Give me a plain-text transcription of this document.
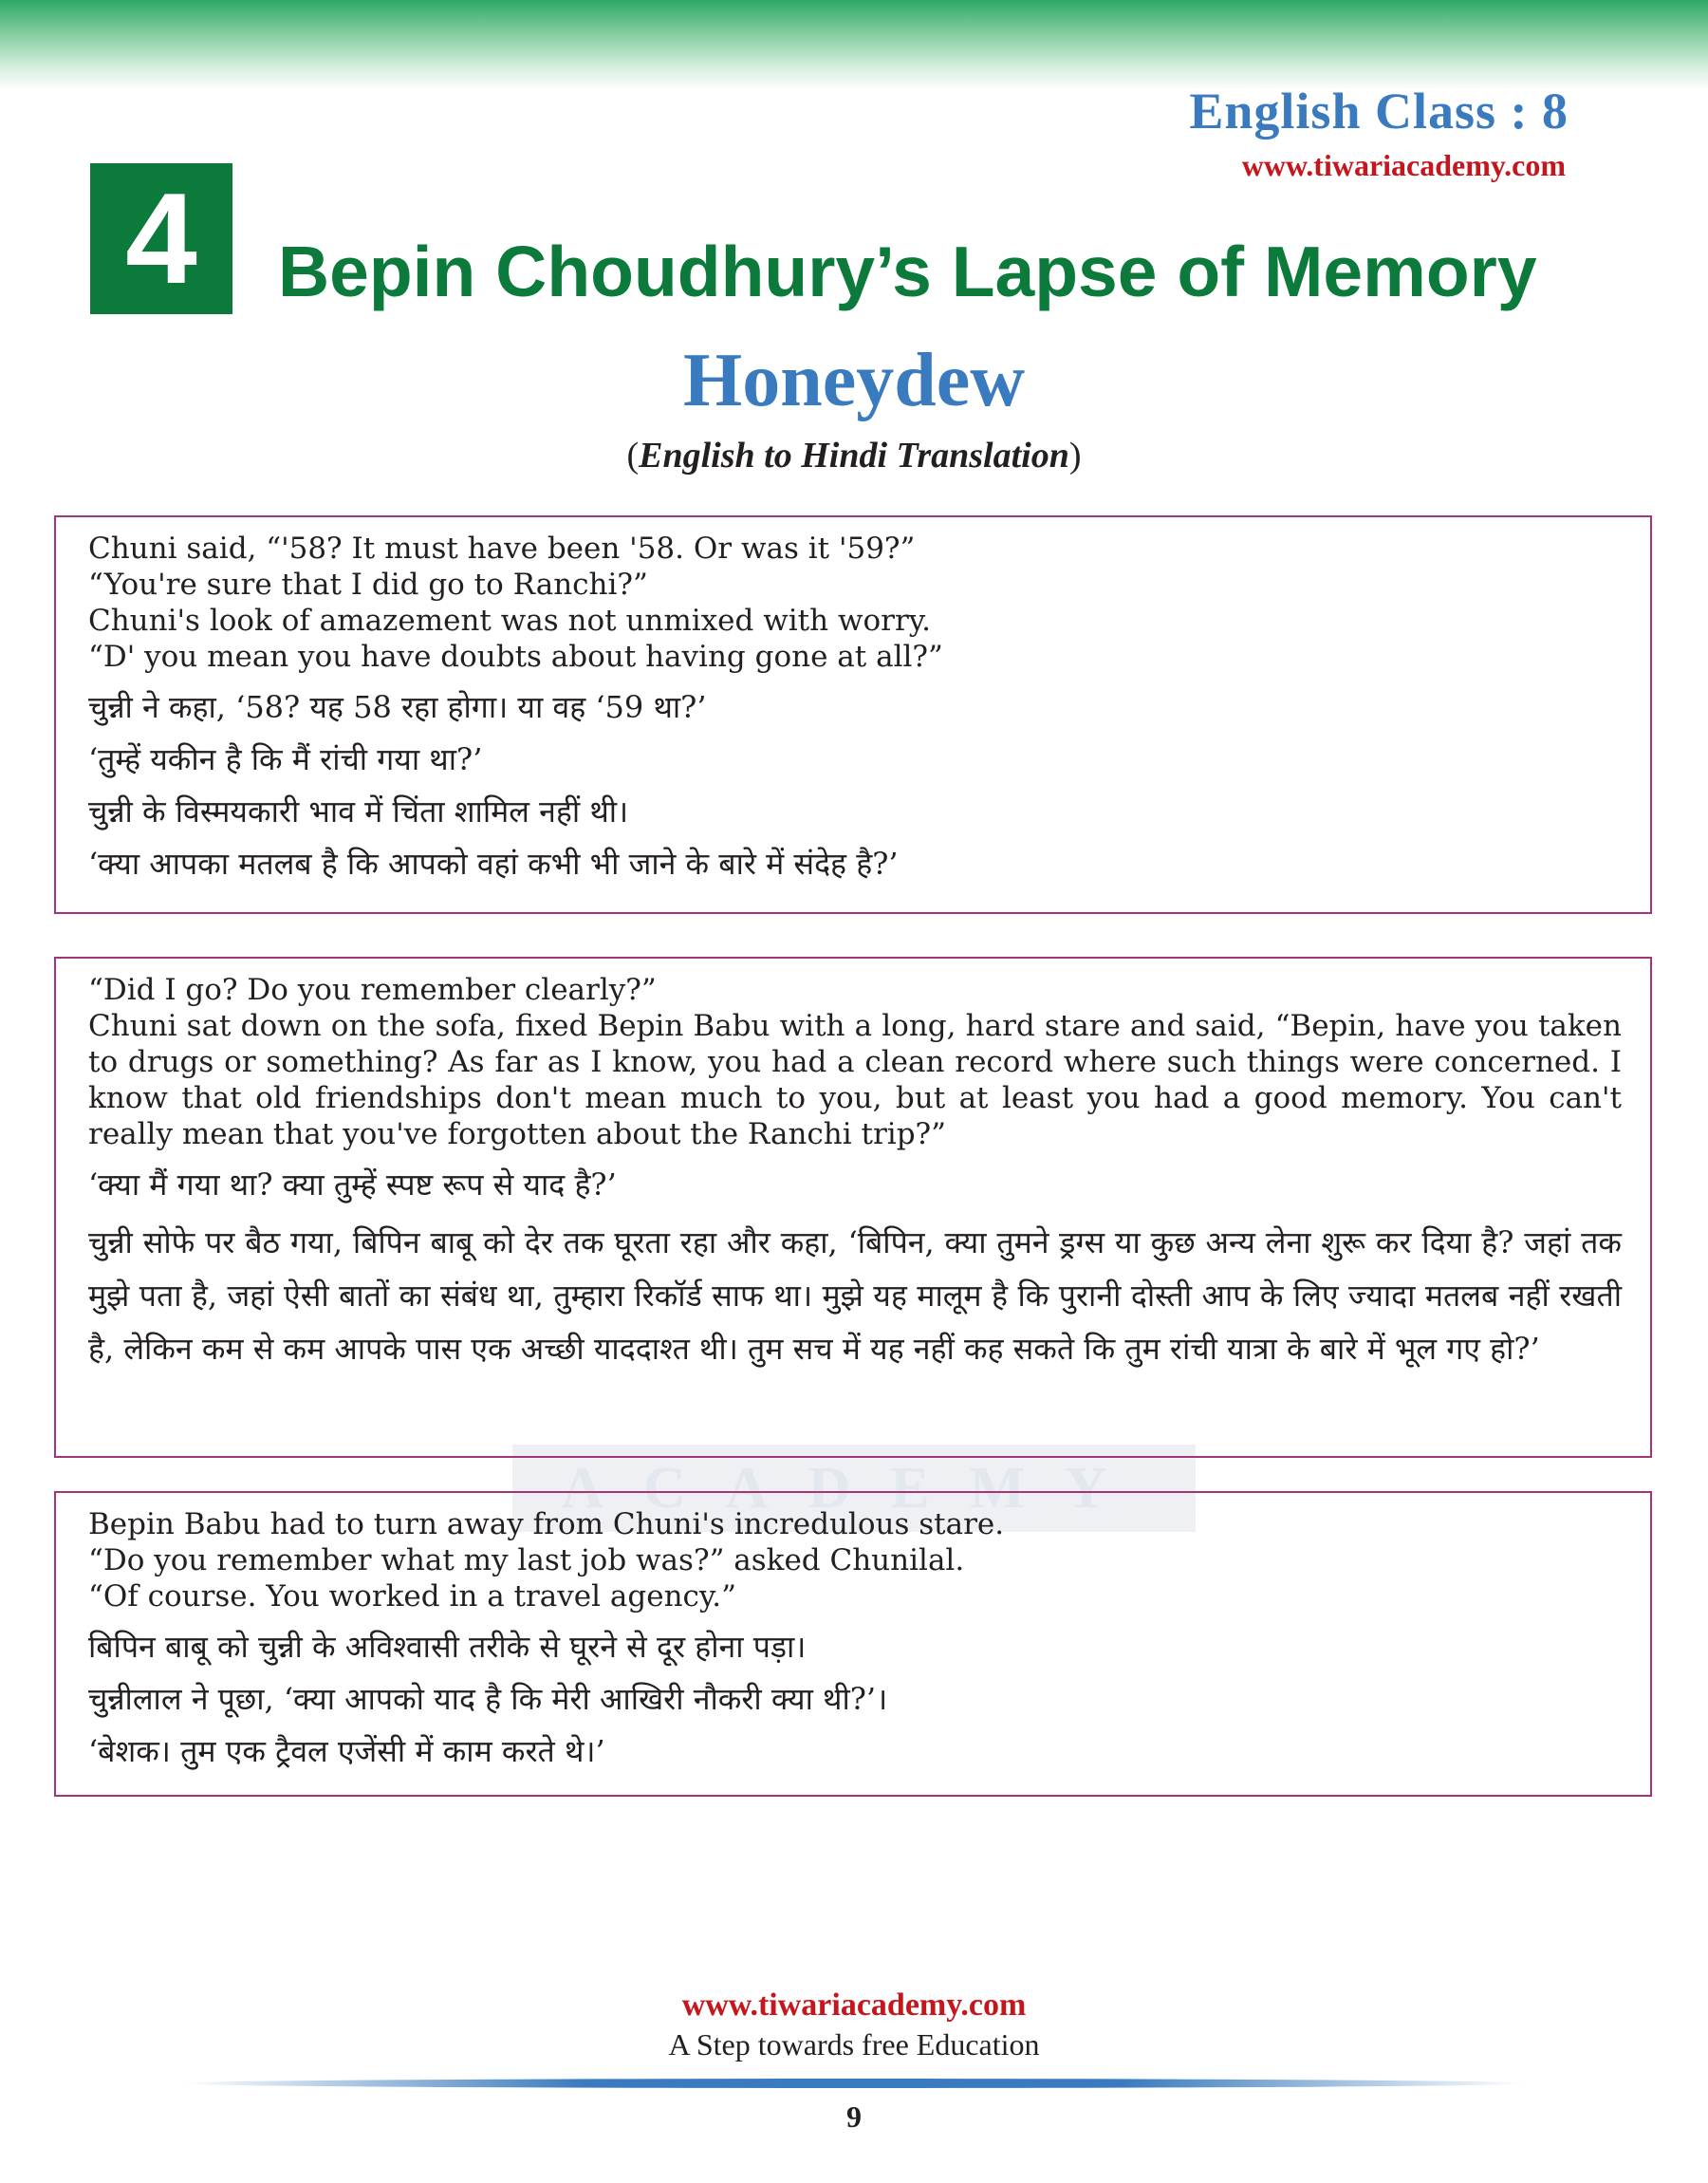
English Class : 8
www.tiwariacademy.com
4	Bepin Choudhury’s Lapse of Memory
Honeydew
(English to Hindi Translation)
ACADEMY

Chuni said, “'58? It must have been '58. Or was it '59?”

“You're sure that I did go to Ranchi?”

Chuni's look of amazement was not unmixed with worry.

“D' you mean you have doubts about having gone at all?”

चुन्नी ने कहा, ‘58? यह 58 रहा होगा। या वह ‘59 था?’

‘तुम्हें यकीन है कि मैं रांची गया था?’

चुन्नी के विस्मयकारी भाव में चिंता शामिल नहीं थी।

‘क्या आपका मतलब है कि आपको वहां कभी भी जाने के बारे में संदेह है?’

“Did I go? Do you remember clearly?”

Chuni sat down on the sofa, fixed Bepin Babu with a long, hard stare and said, “Bepin, have you taken to drugs or something? As far as I know, you had a clean record where such things were concerned. I know that old friendships don't mean much to you, but at least you had a good memory. You can't really mean that you've forgotten about the Ranchi trip?”

‘क्या मैं गया था? क्या तुम्हें स्पष्ट रूप से याद है?’

चुन्नी सोफे पर बैठ गया, बिपिन बाबू को देर तक घूरता रहा और कहा, ‘बिपिन, क्या तुमने ड्रग्स या कुछ अन्य लेना शुरू कर दिया है? जहां तक मुझे पता है, जहां ऐसी बातों का संबंध था, तुम्हारा रिकॉर्ड साफ था। मुझे यह मालूम है कि पुरानी दोस्ती आप के लिए ज्यादा मतलब नहीं रखती है, लेकिन कम से कम आपके पास एक अच्छी याददाश्त थी। तुम सच में यह नहीं कह सकते कि तुम रांची यात्रा के बारे में भूल गए हो?’

Bepin Babu had to turn away from Chuni's incredulous stare.

“Do you remember what my last job was?” asked Chunilal.

“Of course. You worked in a travel agency.”

बिपिन बाबू को चुन्नी के अविश्वासी तरीके से घूरने से दूर होना पड़ा।

चुन्नीलाल ने पूछा, ‘क्या आपको याद है कि मेरी आखिरी नौकरी क्या थी?’।

‘बेशक। तुम एक ट्रैवल एजेंसी में काम करते थे।’

www.tiwariacademy.com
A Step towards free Education
9
